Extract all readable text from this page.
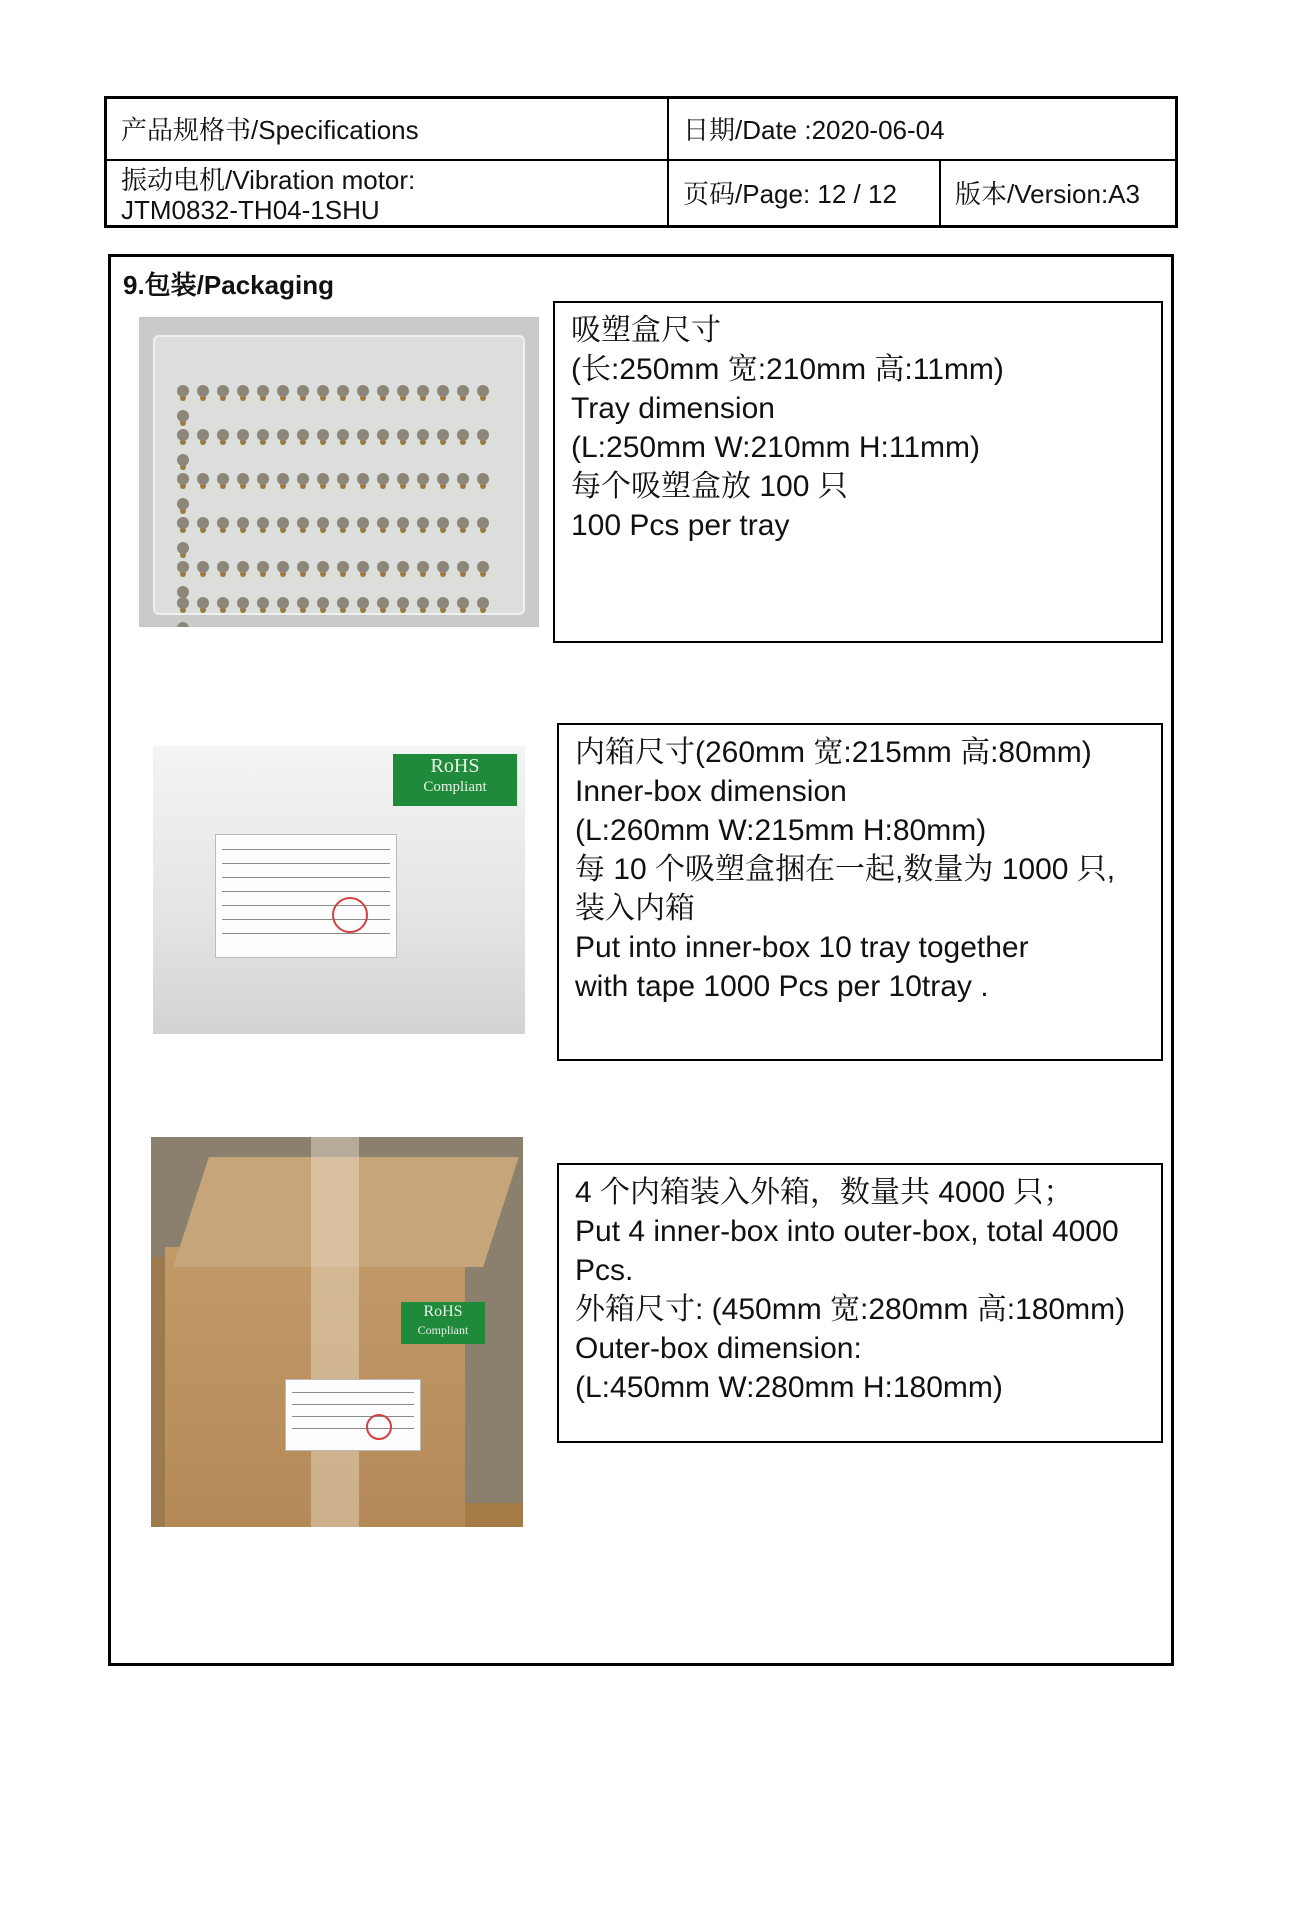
产品规格书/Specifications	日期/Date :2020-06-04
振动电机/Vibration motor:
JTM0832-TH04-1SHU
页码/Page: 12 / 12 版本/Version:A3
9.包装/Packaging
吸塑盒尺寸
(长:250mm 宽:210mm 高:11mm)
Tray dimension
(L:250mm W:210mm H:11mm)
每个吸塑盒放 100 只
100 Pcs per tray
RoHS
Compliant
内箱尺寸(260mm 宽:215mm 高:80mm)
Inner-box dimension
(L:260mm W:215mm H:80mm)
每 10 个吸塑盒捆在一起,数量为 1000 只,
装入内箱
Put into inner-box 10 tray together
with tape 1000 Pcs per 10tray .
RoHS
Compliant
4 个内箱装入外箱，数量共 4000 只；
Put 4 inner-box into outer-box, total 4000
Pcs.
外箱尺寸: (450mm 宽:280mm 高:180mm)
Outer-box dimension:
(L:450mm W:280mm H:180mm)
